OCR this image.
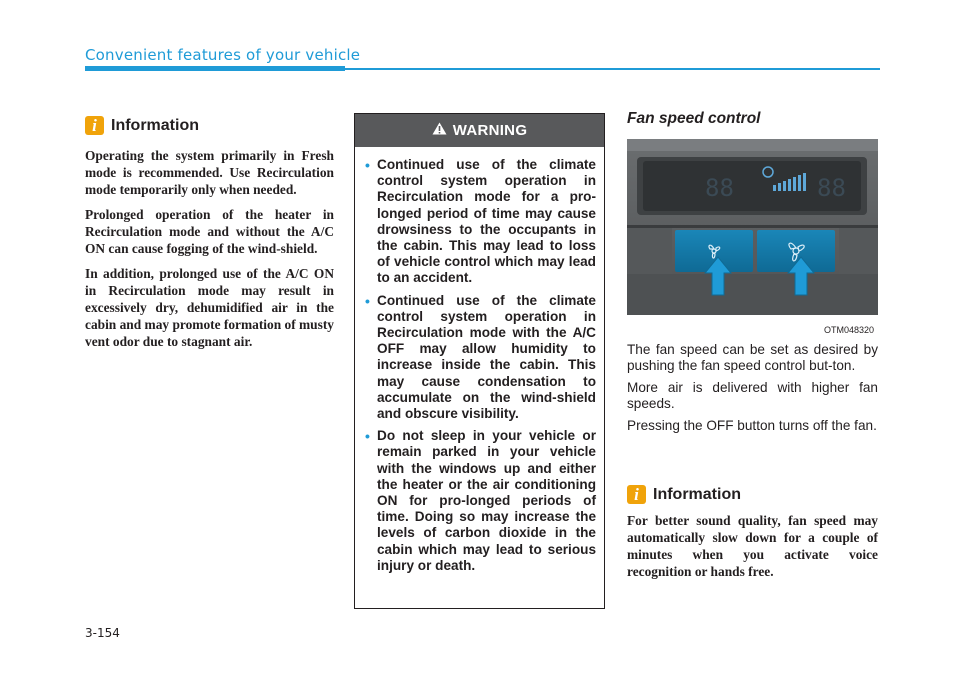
Convenient features of your vehicle
i Information

Operating the system primarily in Fresh mode is recommended. Use Recirculation mode temporarily only when needed.

Prolonged operation of the heater in Recirculation mode and without the A/C ON can cause fogging of the wind-shield.

In addition, prolonged use of the A/C ON in Recirculation mode may result in excessively dry, dehumidified air in the cabin and may promote formation of musty vent odor due to stagnant air.

WARNING
• Continued use of the climate control system operation in Recirculation mode for a pro-longed period of time may cause drowsiness to the occupants in the cabin. This may lead to loss of vehicle control which may lead to an accident.
• Continued use of the climate control system operation in Recirculation mode with the A/C OFF may allow humidity to increase inside the cabin. This may cause condensation to accumulate on the wind-shield and obscure visibility.
• Do not sleep in your vehicle or remain parked in your vehicle with the windows up and either the heater or the air conditioning ON for pro-longed periods of time. Doing so may increase the levels of carbon dioxide in the cabin which may lead to serious injury or death.
Fan speed control
88	88
OTM048320

The fan speed can be set as desired by pushing the fan speed control but-ton.

More air is delivered with higher fan speeds.

Pressing the OFF button turns off the fan.

i Information

For better sound quality, fan speed may automatically slow down for a couple of minutes when you activate voice recognition or hands free.

3-154
